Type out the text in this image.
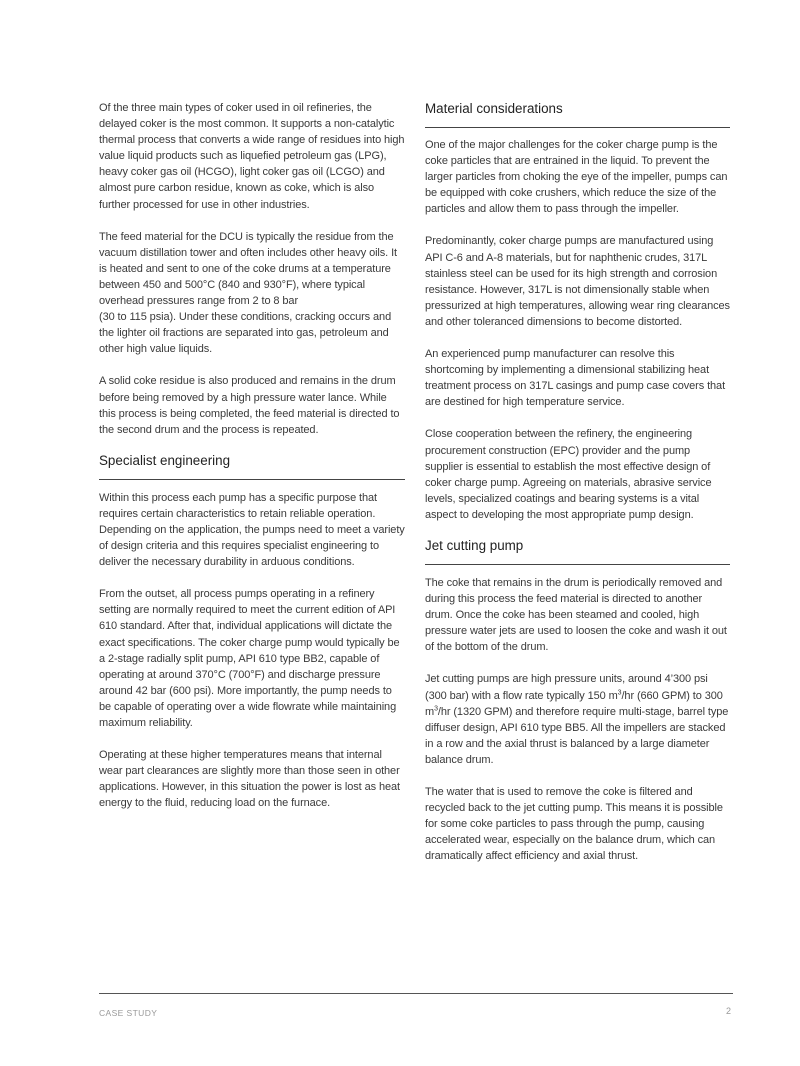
Of the three main types of coker used in oil refineries, the delayed coker is the most common. It supports a non-catalytic thermal process that converts a wide range of residues into high value liquid products such as liquefied petroleum gas (LPG), heavy coker gas oil (HCGO), light coker gas oil (LCGO) and almost pure carbon residue, known as coke, which is also further processed for use in other industries.

The feed material for the DCU is typically the residue from the vacuum distillation tower and often includes other heavy oils. It is heated and sent to one of the coke drums at a temperature between 450 and 500°C (840 and 930°F), where typical overhead pressures range from 2 to 8 bar
(30 to 115 psia). Under these conditions, cracking occurs and the lighter oil fractions are separated into gas, petroleum and other high value liquids.

A solid coke residue is also produced and remains in the drum before being removed by a high pressure water lance. While this process is being completed, the feed material is directed to the second drum and the process is repeated.

Specialist engineering

Within this process each pump has a specific purpose that requires certain characteristics to retain reliable operation. Depending on the application, the pumps need to meet a variety of design criteria and this requires specialist engineering to deliver the necessary durability in arduous conditions.

From the outset, all process pumps operating in a refinery setting are normally required to meet the current edition of API 610 standard. After that, individual applications will dictate the exact specifications. The coker charge pump would typically be a 2-stage radially split pump, API 610 type BB2, capable of operating at around 370°C (700°F) and discharge pressure around 42 bar (600 psi). More importantly, the pump needs to be capable of operating over a wide flowrate while maintaining maximum reliability.

Operating at these higher temperatures means that internal wear part clearances are slightly more than those seen in other applications. However, in this situation the power is lost as heat energy to the fluid, reducing load on the furnace.

Material considerations

One of the major challenges for the coker charge pump is the coke particles that are entrained in the liquid. To prevent the larger particles from choking the eye of the impeller, pumps can be equipped with coke crushers, which reduce the size of the particles and allow them to pass through the impeller.

Predominantly, coker charge pumps are manufactured using API C-6 and A-8 materials, but for naphthenic crudes, 317L stainless steel can be used for its high strength and corrosion resistance. However, 317L is not dimensionally stable when pressurized at high temperatures, allowing wear ring clearances and other toleranced dimensions to become distorted.

An experienced pump manufacturer can resolve this shortcoming by implementing a dimensional stabilizing heat treatment process on 317L casings and pump case covers that are destined for high temperature service.

Close cooperation between the refinery, the engineering procurement construction (EPC) provider and the pump supplier is essential to establish the most effective design of coker charge pump. Agreeing on materials, abrasive service levels, specialized coatings and bearing systems is a vital aspect to developing the most appropriate pump design.

Jet cutting pump

The coke that remains in the drum is periodically removed and during this process the feed material is directed to another drum. Once the coke has been steamed and cooled, high pressure water jets are used to loosen the coke and wash it out of the bottom of the drum.

Jet cutting pumps are high pressure units, around 4’300 psi (300 bar) with a flow rate typically 150 $m^3/hr$ (660 GPM) to 300 $m^3/hr$ (1320 GPM) and therefore require multi-stage, barrel type diffuser design, API 610 type BB5. All the impellers are stacked in a row and the axial thrust is balanced by a large diameter balance drum.

The water that is used to remove the coke is filtered and recycled back to the jet cutting pump. This means it is possible for some coke particles to pass through the pump, causing accelerated wear, especially on the balance drum, which can dramatically affect efficiency and axial thrust.

CASE STUDY	2
